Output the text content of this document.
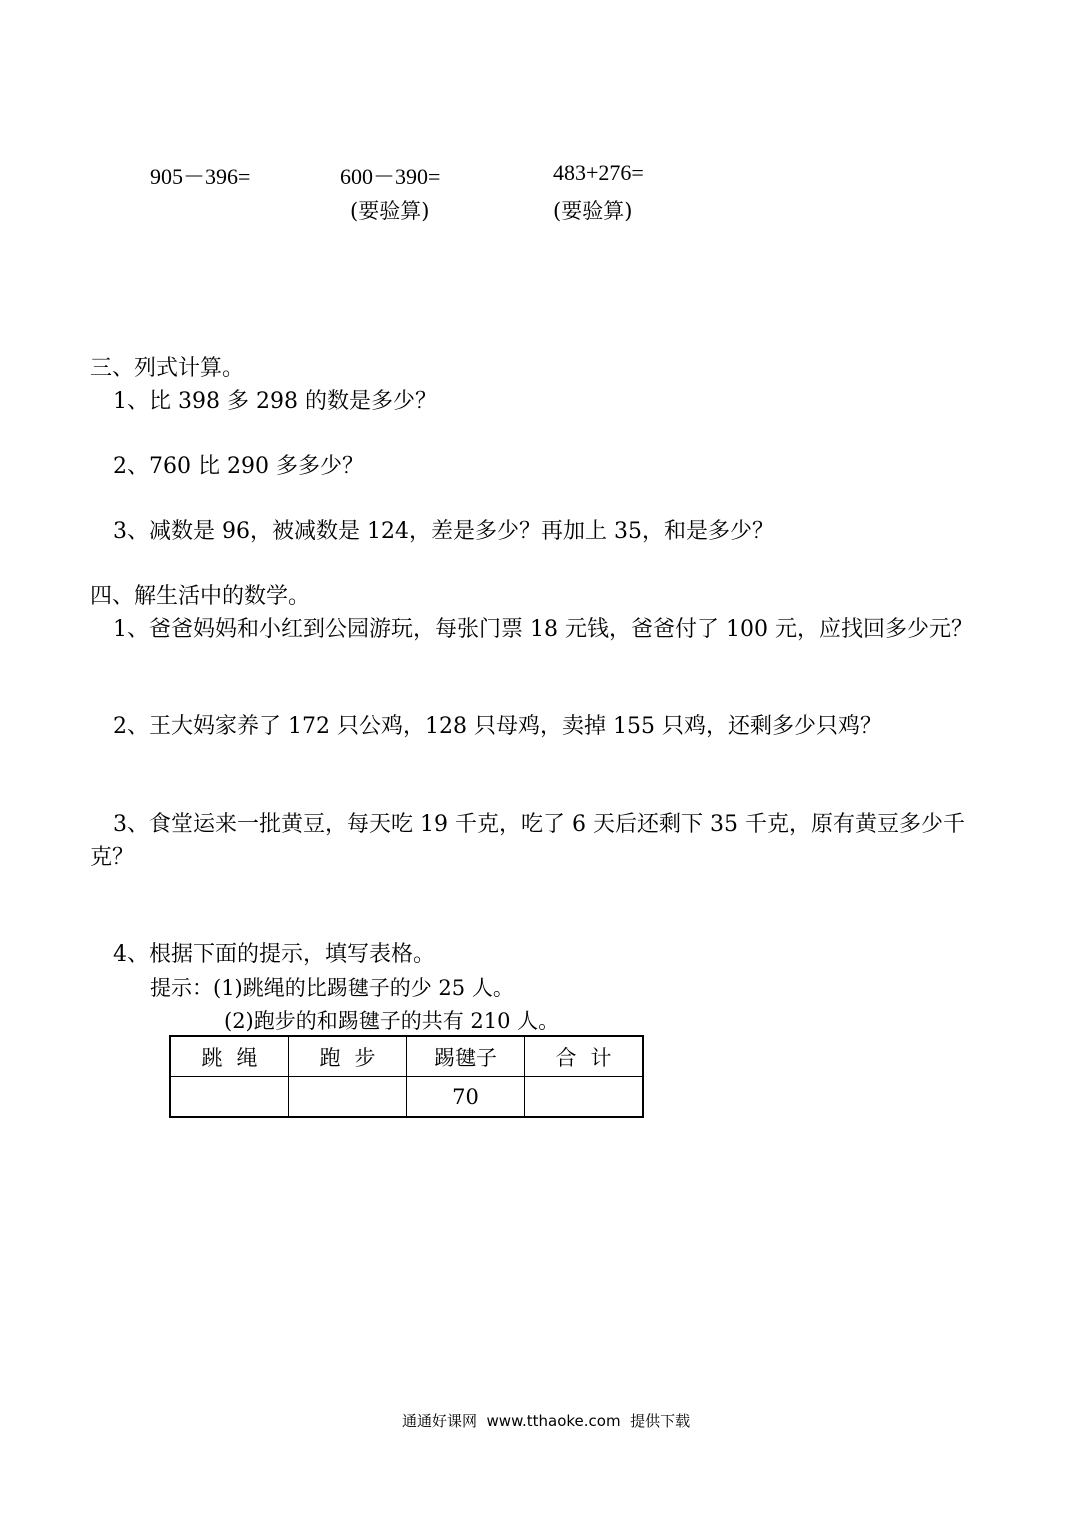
905－396=	600－390=
(要验算)
483+276=
(要验算)
三、列式计算。
1、比 398 多 298 的数是多少？
2、760 比 290 多多少？
3、减数是 96，被减数是 124，差是多少？再加上 35，和是多少？
四、解生活中的数学。
1、爸爸妈妈和小红到公园游玩，每张门票 18 元钱，爸爸付了 100 元，应找回多少元？
2、王大妈家养了 172 只公鸡，128 只母鸡，卖掉 155 只鸡，还剩多少只鸡？
3、食堂运来一批黄豆，每天吃 19 千克，吃了 6 天后还剩下 35 千克，原有黄豆多少千
克？
4、根据下面的提示，填写表格。
提示：(1)跳绳的比踢毽子的少 25 人。
(2)跑步的和踢毽子的共有 210 人。
跳绳	跑步	踢毽子	合计
		70	
通通好课网  www.tthaoke.com  提供下载
